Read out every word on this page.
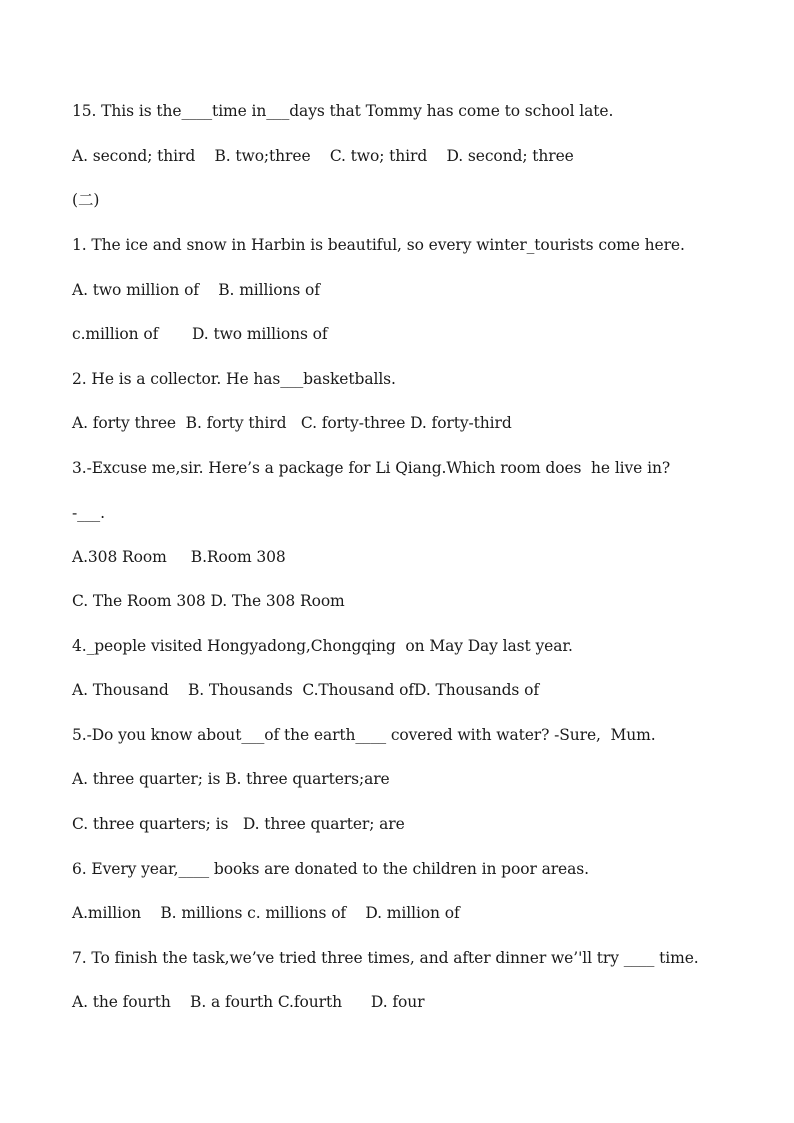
15. This is the____time in___days that Tommy has come to school late.
A. second; third    B. two;three    C. two; third    D. second; three
(二)
1. The ice and snow in Harbin is beautiful, so every winter_tourists come here.
A. two million of    B. millions of
c.million of       D. two millions of
2. He is a collector. He has___basketballs.
A. forty three  B. forty third   C. forty-three D. forty-third
3.-Excuse me,sir. Here’s a package for Li Qiang.Which room does  he live in?
-___.
A.308 Room     B.Room 308
C. The Room 308 D. The 308 Room
4._people visited Hongyadong,Chongqing  on May Day last year.
A. Thousand    B. Thousands  C.Thousand ofD. Thousands of
5.-Do you know about___of the earth____ covered with water? -Sure,  Mum.
A. three quarter; is B. three quarters;are
C. three quarters; is   D. three quarter; are
6. Every year,____ books are donated to the children in poor areas.
A.million    B. millions c. millions of    D. million of
7. To finish the task,we’ve tried three times, and after dinner we’'ll try ____ time.
A. the fourth    B. a fourth C.fourth      D. four
